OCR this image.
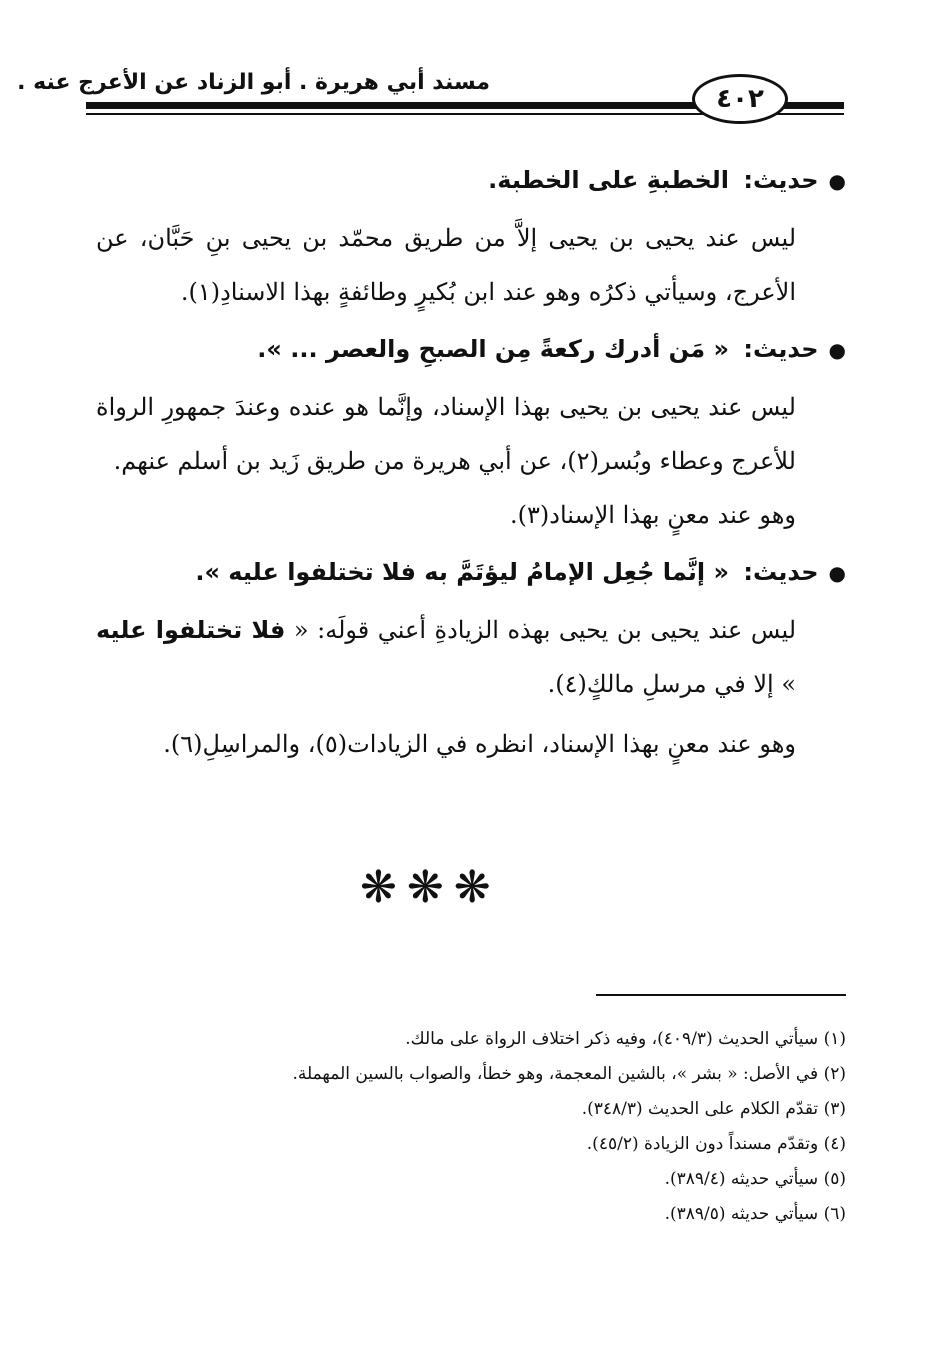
مسند أبي هريرة . أبو الزناد عن الأعرج عنه .
٤٠٢
●حديث: الخطبةِ على الخطبة.

ليس عند يحيى بن يحيى إلاَّ من طريق محمّد بن يحيى بنِ حَبَّان، عن الأعرج، وسيأتي ذكرُه وهو عند ابن بُكيرٍ وطائفةٍ بهذا الاسنادِ(١).

●حديث: « مَن أدرك ركعةً مِن الصبحِ والعصر ... ».

ليس عند يحيى بن يحيى بهذا الإسناد، وإنَّما هو عنده وعندَ جمهورِ الرواة للأعرج وعطاء وبُسر(٢)، عن أبي هريرة من طريق زَيد بن أسلم عنهم.

وهو عند معنٍ بهذا الإسناد(٣).

●حديث: « إنَّما جُعِل الإمامُ ليؤتَمَّ به فلا تختلفوا عليه ».

ليس عند يحيى بن يحيى بهذه الزيادةِ أعني قولَه: « فلا تختلفوا عليه » إلا في مرسلِ مالكٍ(٤).

وهو عند معنٍ بهذا الإسناد، انظره في الزيادات(٥)، والمراسِلِ(٦).

❋❋❋

(١) سيأتي الحديث (٤٠٩/٣)، وفيه ذكر اختلاف الرواة على مالك.

(٢) في الأصل: « بشر »، بالشين المعجمة، وهو خطأ، والصواب بالسين المهملة.

(٣) تقدّم الكلام على الحديث (٣٤٨/٣).

(٤) وتقدّم مسنداً دون الزيادة (٤٥/٢).

(٥) سيأتي حديثه (٣٨٩/٤).

(٦) سيأتي حديثه (٣٨٩/٥).
